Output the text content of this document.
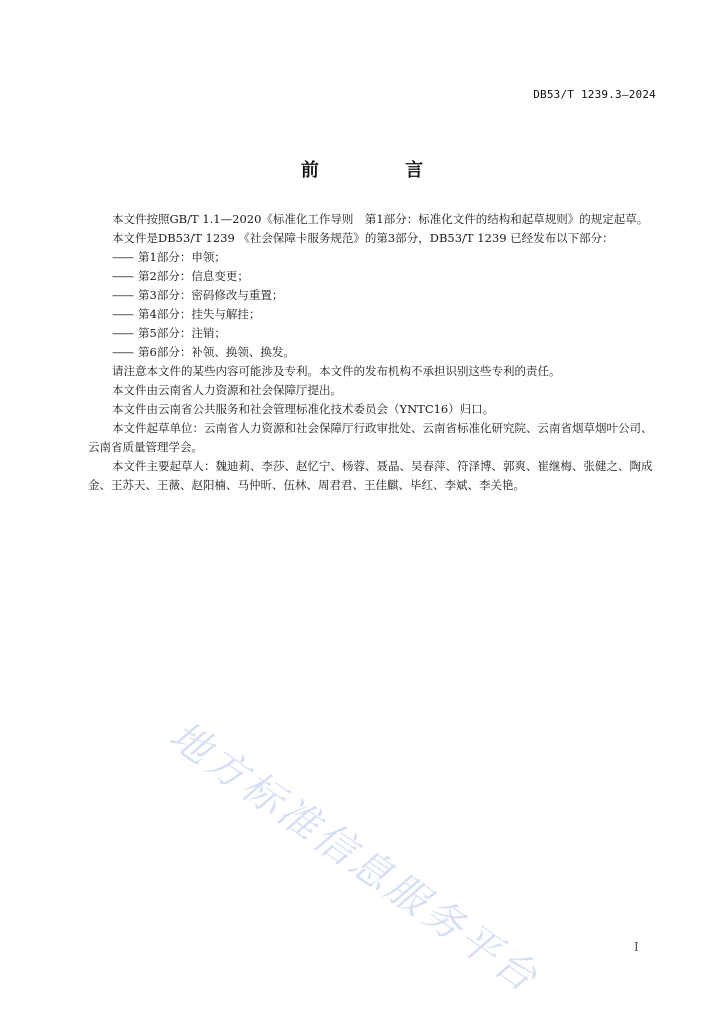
DB53/T 1239.3—2024
前 言

本文件按照GB/T 1.1—2020《标准化工作导则　第1部分：标准化文件的结构和起草规则》的规定起草。

本文件是DB53/T 1239 《社会保障卡服务规范》的第3部分，DB53/T 1239 已经发布以下部分：

—— 第1部分：申领；
—— 第2部分：信息变更；
—— 第3部分：密码修改与重置；
—— 第4部分：挂失与解挂；
—— 第5部分：注销；
—— 第6部分：补领、换领、换发。

请注意本文件的某些内容可能涉及专利。本文件的发布机构不承担识别这些专利的责任。

本文件由云南省人力资源和社会保障厅提出。

本文件由云南省公共服务和社会管理标准化技术委员会（YNTC16）归口。

本文件起草单位：云南省人力资源和社会保障厅行政审批处、云南省标准化研究院、云南省烟草烟叶公司、云南省质量管理学会。

本文件主要起草人：魏迪莉、李莎、赵忆宁、杨蓉、聂晶、吴春萍、符泽博、郭爽、崔继梅、张健之、陶成金、王苏天、王薇、赵阳楠、马仲昕、伍林、周君君、王佳麒、毕红、李斌、李关艳。

地方标准信息服务平台	I
